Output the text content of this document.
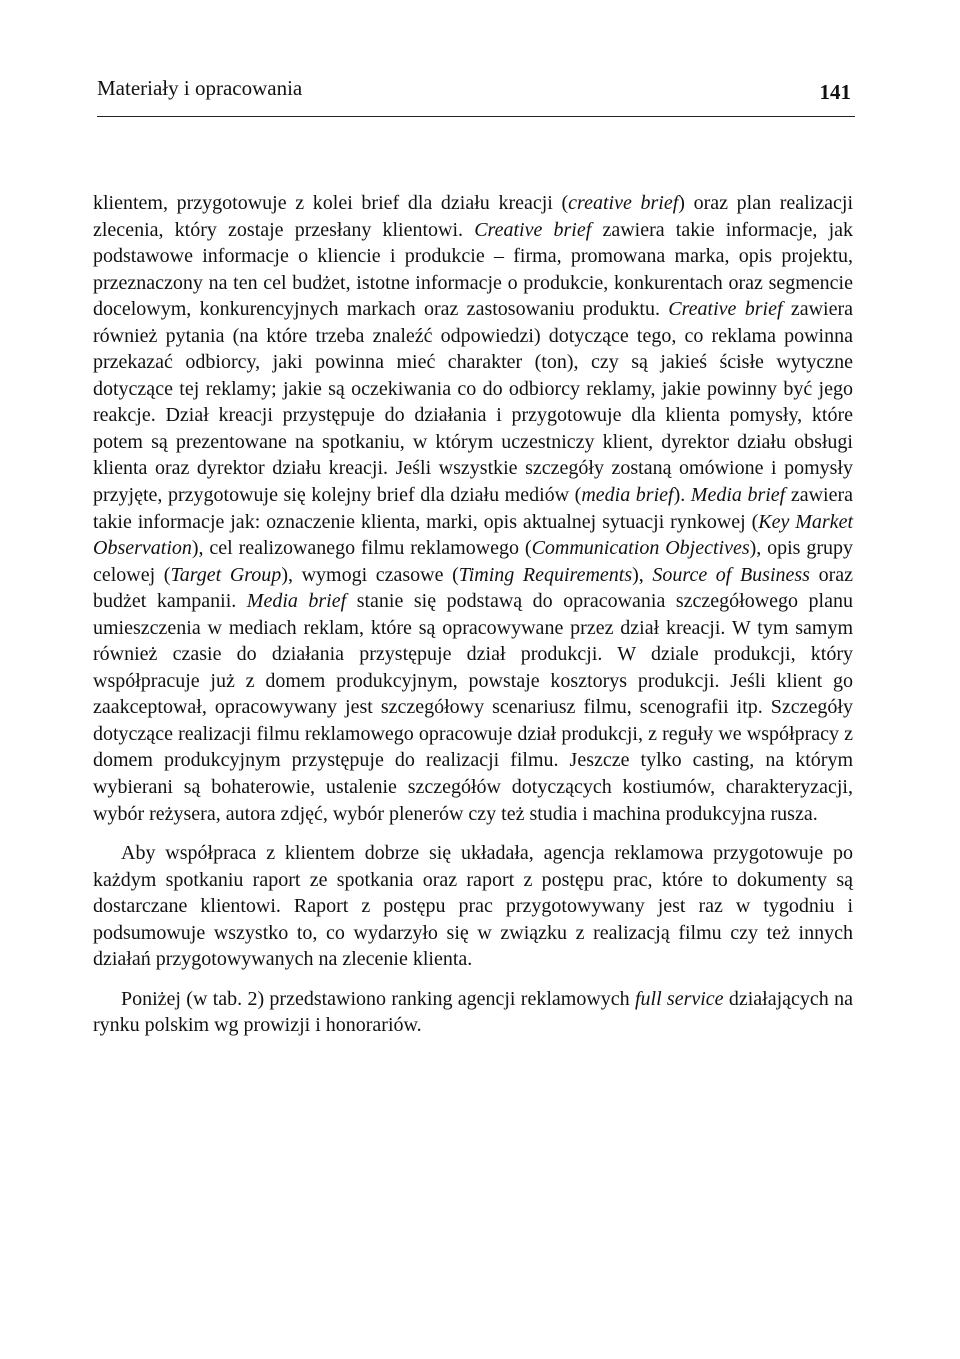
Materiały i opracowania	141

klientem, przygotowuje z kolei brief dla działu kreacji (creative brief) oraz plan realizacji zlecenia, który zostaje przesłany klientowi. Creative brief zawiera takie informacje, jak podstawowe informacje o kliencie i produkcie – firma, promowana marka, opis projektu, przeznaczony na ten cel budżet, istotne informacje o produkcie, konkurentach oraz segmencie docelowym, konkurencyjnych markach oraz zastosowaniu produktu. Creative brief zawiera również pytania (na które trzeba znaleźć odpowiedzi) dotyczące tego, co reklama powinna przekazać odbiorcy, jaki powinna mieć charakter (ton), czy są jakieś ścisłe wytyczne dotyczące tej reklamy; jakie są oczekiwania co do odbiorcy reklamy, jakie powinny być jego reakcje. Dział kreacji przystępuje do działania i przygotowuje dla klienta pomysły, które potem są prezentowane na spotkaniu, w którym uczestniczy klient, dyrektor działu obsługi klienta oraz dyrektor działu kreacji. Jeśli wszystkie szczegóły zostaną omówione i pomysły przyjęte, przygotowuje się kolejny brief dla działu mediów (media brief). Media brief zawiera takie informacje jak: oznaczenie klienta, marki, opis aktualnej sytuacji rynkowej (Key Market Observation), cel realizowanego filmu reklamowego (Communication Objectives), opis grupy celowej (Target Group), wymogi czasowe (Timing Requirements), Source of Business oraz budżet kampanii. Media brief stanie się podstawą do opracowania szczegółowego planu umieszczenia w mediach reklam, które są opracowywane przez dział kreacji. W tym samym również czasie do działania przystępuje dział produkcji. W dziale produkcji, który współpracuje już z domem produkcyjnym, powstaje kosztorys produkcji. Jeśli klient go zaakceptował, opracowywany jest szczegółowy scenariusz filmu, scenografii itp. Szczegóły dotyczące realizacji filmu reklamowego opracowuje dział produkcji, z reguły we współpracy z domem produkcyjnym przystępuje do realizacji filmu. Jeszcze tylko casting, na którym wybierani są bohaterowie, ustalenie szczegółów dotyczących kostiumów, charakteryzacji, wybór reżysera, autora zdjęć, wybór plenerów czy też studia i machina produkcyjna rusza.

Aby współpraca z klientem dobrze się układała, agencja reklamowa przygotowuje po każdym spotkaniu raport ze spotkania oraz raport z postępu prac, które to dokumenty są dostarczane klientowi. Raport z postępu prac przygotowywany jest raz w tygodniu i podsumowuje wszystko to, co wydarzyło się w związku z realizacją filmu czy też innych działań przygotowywanych na zlecenie klienta.

Poniżej (w tab. 2) przedstawiono ranking agencji reklamowych full service działających na rynku polskim wg prowizji i honorariów.
